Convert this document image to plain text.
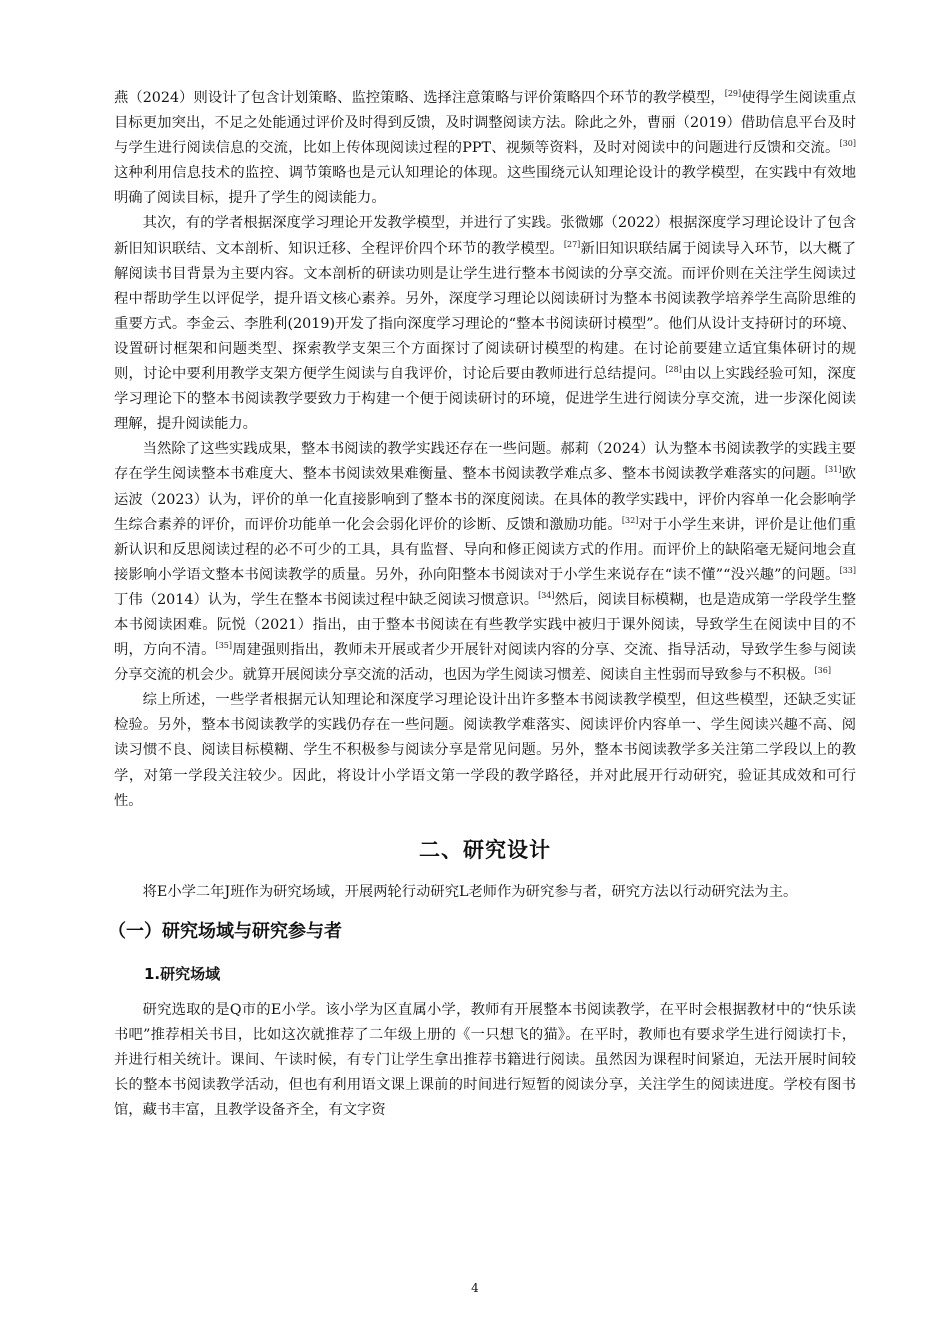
燕（2024）则设计了包含计划策略、监控策略、选择注意策略与评价策略四个环节的教学模型，[29]使得学生阅读重点目标更加突出，不足之处能通过评价及时得到反馈，及时调整阅读方法。除此之外，曹丽（2019）借助信息平台及时与学生进行阅读信息的交流，比如上传体现阅读过程的PPT、视频等资料，及时对阅读中的问题进行反馈和交流。[30]这种利用信息技术的监控、调节策略也是元认知理论的体现。这些围绕元认知理论设计的教学模型，在实践中有效地明确了阅读目标，提升了学生的阅读能力。

其次，有的学者根据深度学习理论开发教学模型，并进行了实践。张微娜（2022）根据深度学习理论设计了包含新旧知识联结、文本剖析、知识迁移、全程评价四个环节的教学模型。[27]新旧知识联结属于阅读导入环节，以大概了解阅读书目背景为主要内容。文本剖析的研读功则是让学生进行整本书阅读的分享交流。而评价则在关注学生阅读过程中帮助学生以评促学，提升语文核心素养。另外，深度学习理论以阅读研讨为整本书阅读教学培养学生高阶思维的重要方式。李金云、李胜利(2019)开发了指向深度学习理论的“整本书阅读研讨模型”。他们从设计支持研讨的环境、设置研讨框架和问题类型、探索教学支架三个方面探讨了阅读研讨模型的构建。在讨论前要建立适宜集体研讨的规则，讨论中要利用教学支架方便学生阅读与自我评价，讨论后要由教师进行总结提问。[28]由以上实践经验可知，深度学习理论下的整本书阅读教学要致力于构建一个便于阅读研讨的环境，促进学生进行阅读分享交流，进一步深化阅读理解，提升阅读能力。

当然除了这些实践成果，整本书阅读的教学实践还存在一些问题。郝莉（2024）认为整本书阅读教学的实践主要存在学生阅读整本书难度大、整本书阅读效果难衡量、整本书阅读教学难点多、整本书阅读教学难落实的问题。[31]欧运波（2023）认为，评价的单一化直接影响到了整本书的深度阅读。在具体的教学实践中，评价内容单一化会影响学生综合素养的评价，而评价功能单一化会会弱化评价的诊断、反馈和激励功能。[32]对于小学生来讲，评价是让他们重新认识和反思阅读过程的必不可少的工具，具有监督、导向和修正阅读方式的作用。而评价上的缺陷毫无疑问地会直接影响小学语文整本书阅读教学的质量。另外，孙向阳整本书阅读对于小学生来说存在“读不懂”“没兴趣”的问题。[33]丁伟（2014）认为，学生在整本书阅读过程中缺乏阅读习惯意识。[34]然后，阅读目标模糊，也是造成第一学段学生整本书阅读困难。阮悦（2021）指出，由于整本书阅读在有些教学实践中被归于课外阅读，导致学生在阅读中目的不明，方向不清。[35]周建强则指出，教师未开展或者少开展针对阅读内容的分享、交流、指导活动，导致学生参与阅读分享交流的机会少。就算开展阅读分享交流的活动，也因为学生阅读习惯差、阅读自主性弱而导致参与不积极。[36]

综上所述，一些学者根据元认知理论和深度学习理论设计出许多整本书阅读教学模型，但这些模型，还缺乏实证检验。另外，整本书阅读教学的实践仍存在一些问题。阅读教学难落实、阅读评价内容单一、学生阅读兴趣不高、阅读习惯不良、阅读目标模糊、学生不积极参与阅读分享是常见问题。另外，整本书阅读教学多关注第二学段以上的教学，对第一学段关注较少。因此，将设计小学语文第一学段的教学路径，并对此展开行动研究，验证其成效和可行性。

二、研究设计

将E小学二年J班作为研究场域，开展两轮行动研究L老师作为研究参与者，研究方法以行动研究法为主。

（一）研究场域与研究参与者
1.研究场域

研究选取的是Q市的E小学。该小学为区直属小学，教师有开展整本书阅读教学，在平时会根据教材中的“快乐读书吧”推荐相关书目，比如这次就推荐了二年级上册的《一只想飞的猫》。在平时，教师也有要求学生进行阅读打卡，并进行相关统计。课间、午读时候，有专门让学生拿出推荐书籍进行阅读。虽然因为课程时间紧迫，无法开展时间较长的整本书阅读教学活动，但也有利用语文课上课前的时间进行短暂的阅读分享，关注学生的阅读进度。学校有图书馆，藏书丰富，且教学设备齐全，有文字资

4
